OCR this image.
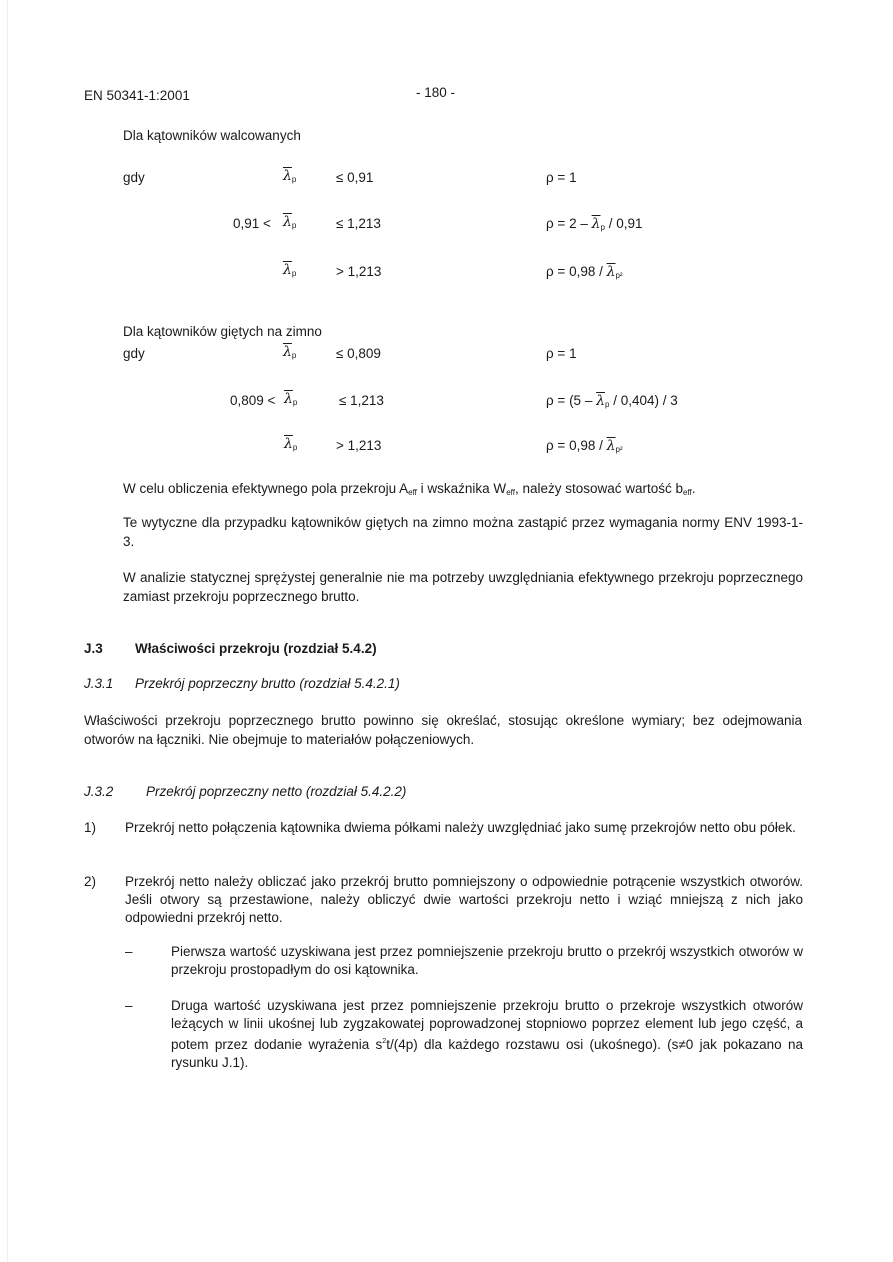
EN 50341-1:2001	- 180 -
Dla kątowników walcowanych
gdy	$\overline{\lambda}_p$	≤ 0,91	ρ = 1
$0,91 < \overline{\lambda}_p$	≤ 1,213	$\rho = 2 - \overline{\lambda}_p / 0,91$
$\overline{\lambda}_p$	> 1,213	$\rho = 0,98 / \overline{\lambda}_{p^2}$
Dla kątowników giętych na zimno
gdy	$\overline{\lambda}_p$	≤ 0,809	ρ = 1
$0,809 < \overline{\lambda}_p$	≤ 1,213	$\rho = (5 - \overline{\lambda}_p / 0,404) / 3$
$\overline{\lambda}_p$	> 1,213	$\rho = 0,98 / \overline{\lambda}_{p^2}$
W celu obliczenia efektywnego pola przekroju $A_{eff}$ i wskaźnika $W_{eff}$, należy stosować wartość $b_{eff}$.
Te wytyczne dla przypadku kątowników giętych na zimno można zastąpić przez wymagania normy ENV 1993-1-3.
W analizie statycznej sprężystej generalnie nie ma potrzeby uwzględniania efektywnego przekroju poprzecznego zamiast przekroju poprzecznego brutto.
J.3 Właściwości przekroju (rozdział 5.4.2)
J.3.1 Przekrój poprzeczny brutto (rozdział 5.4.2.1)
Właściwości przekroju poprzecznego brutto powinno się określać, stosując określone wymiary; bez odejmowania otworów na łączniki. Nie obejmuje to materiałów połączeniowych.
J.3.2 Przekrój poprzeczny netto (rozdział 5.4.2.2)
1) Przekrój netto połączenia kątownika dwiema półkami należy uwzględniać jako sumę przekrojów netto obu półek.
2) Przekrój netto należy obliczać jako przekrój brutto pomniejszony o odpowiednie potrącenie wszystkich otworów. Jeśli otwory są przestawione, należy obliczyć dwie wartości przekroju netto i wziąć mniejszą z nich jako odpowiedni przekrój netto.
–	Pierwsza wartość uzyskiwana jest przez pomniejszenie przekroju brutto o przekrój wszystkich otworów w przekroju prostopadłym do osi kątownika.
–	Druga wartość uzyskiwana jest przez pomniejszenie przekroju brutto o przekroje wszystkich otworów leżących w linii ukośnej lub zygzakowatej poprowadzonej stopniowo poprzez element lub jego część, a potem przez dodanie wyrażenia $s^2t/(4p)$ dla każdego rozstawu osi (ukośnego). (s≠0 jak pokazano na rysunku J.1).
